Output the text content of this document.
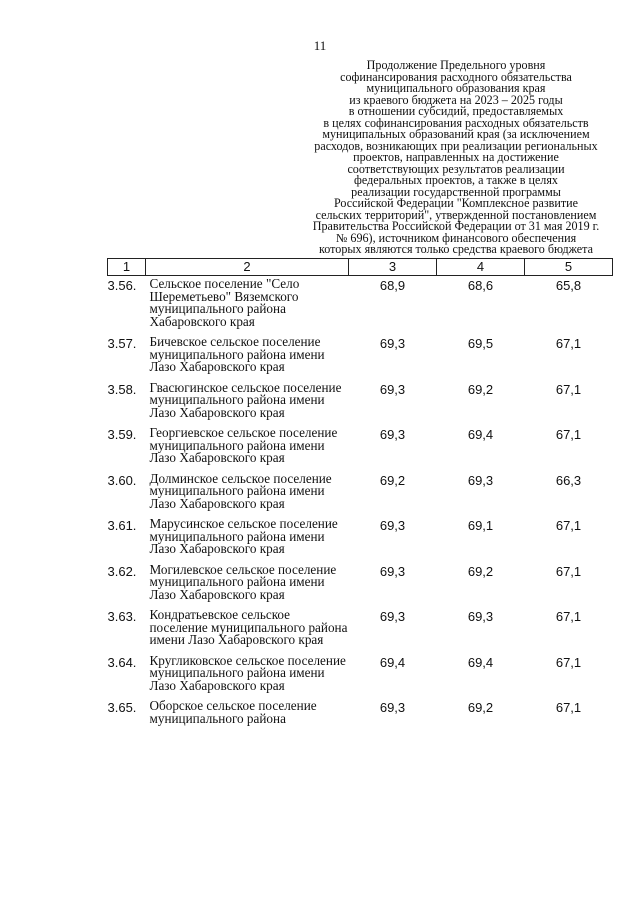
11
Продолжение Предельного уровня
софинансирования расходного обязательства
муниципального образования края
из краевого бюджета на 2023 – 2025 годы
в отношении субсидий, предоставляемых
в целях софинансирования расходных обязательств
муниципальных образований края (за исключением
расходов, возникающих при реализации региональных
проектов, направленных на достижение
соответствующих результатов реализации
федеральных проектов, а также в целях
реализации государственной программы
Российской Федерации "Комплексное развитие
сельских территорий", утвержденной постановлением
Правительства Российской Федерации от 31 мая 2019 г.
№ 696), источником финансового обеспечения
которых являются только средства краевого бюджета
1	2	3	4	5
3.56.	Сельское поселение "Село Шереметьево" Вяземского муниципального района Хабаровского края	68,9	68,6	65,8
3.57.	Бичевское сельское поселение муниципального района имени Лазо Хабаровского края	69,3	69,5	67,1
3.58.	Гвасюгинское сельское поселение муниципального района имени Лазо Хабаровского края	69,3	69,2	67,1
3.59.	Георгиевское сельское поселение муниципального района имени Лазо Хабаровского края	69,3	69,4	67,1
3.60.	Долминское сельское поселение муниципального района имени Лазо Хабаровского края	69,2	69,3	66,3
3.61.	Марусинское сельское поселение муниципального района имени Лазо Хабаровского края	69,3	69,1	67,1
3.62.	Могилевское сельское поселение муниципального района имени Лазо Хабаровского края	69,3	69,2	67,1
3.63.	Кондратьевское сельское поселение муниципального района имени Лазо Хабаровского края	69,3	69,3	67,1
3.64.	Кругликовское сельское поселение муниципального района имени Лазо Хабаровского края	69,4	69,4	67,1
3.65.	Оборское сельское поселение муниципального района	69,3	69,2	67,1
